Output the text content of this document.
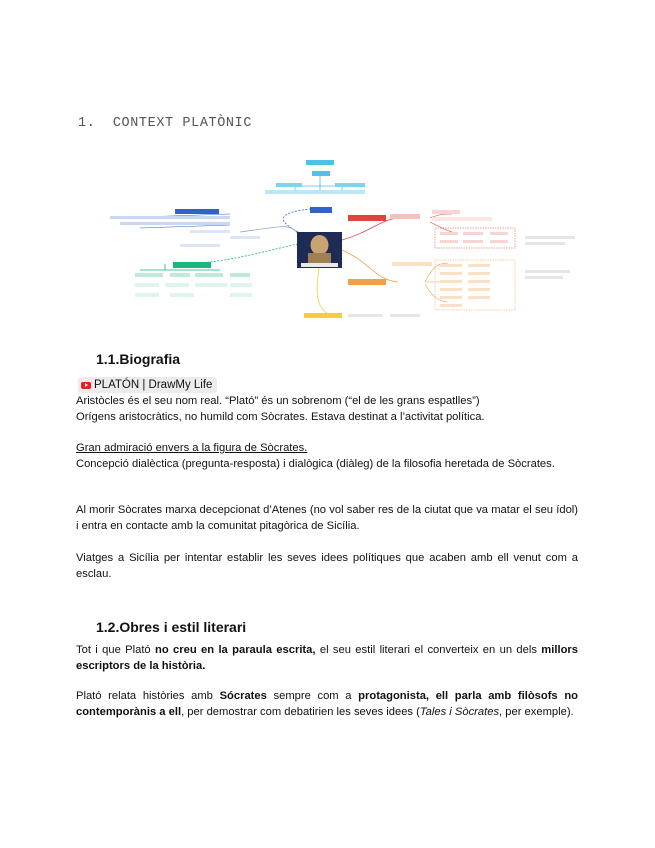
1. CONTEXT PLATÒNIC
1.1.Biografia
PLATÓN | DrawMy Life
Aristòcles és el seu nom real. “Plató” és un sobrenom (“el de les grans espatlles”)
Orígens aristocràtics, no humild com Sòcrates. Estava destinat a l’activitat política.
Gran admiració envers a la figura de Sòcrates.
Concepció dialèctica (pregunta-resposta) i dialògica (diàleg) de la filosofia heretada de Sòcrates.
Al morir Sòcrates marxa decepcionat d’Atenes (no vol saber res de la ciutat que va matar el seu ídol) i entra en contacte amb la comunitat pitagòrica de Sicília.
Viatges a Sicília per intentar establir les seves idees polítiques que acaben amb ell venut com a esclau.
1.2.Obres i estil literari
Tot i que Plató no creu en la paraula escrita, el seu estil literari el converteix en un dels millors escriptors de la història.
Plató relata històries amb Sócrates sempre com a protagonista, ell parla amb filòsofs no contemporànis a ell, per demostrar com debatirien les seves idees (Tales i Sòcrates, per exemple).
